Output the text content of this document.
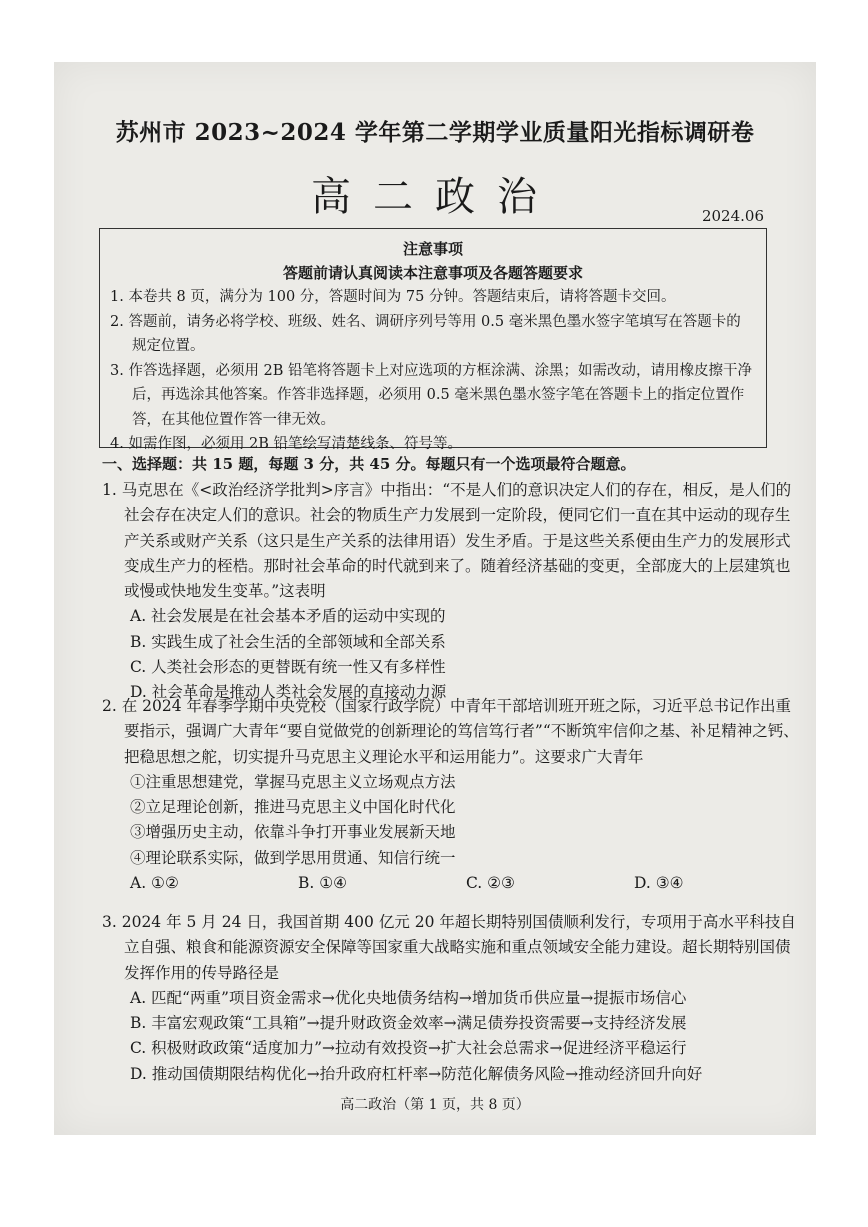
苏州市 2023~2024 学年第二学期学业质量阳光指标调研卷
高二政治	2024.06
注意事项
答题前请认真阅读本注意事项及各题答题要求
1. 本卷共 8 页，满分为 100 分，答题时间为 75 分钟。答题结束后，请将答题卡交回。
2. 答题前，请务必将学校、班级、姓名、调研序列号等用 0.5 毫米黑色墨水签字笔填写在答题卡的规定位置。
3. 作答选择题，必须用 2B 铅笔将答题卡上对应选项的方框涂满、涂黑；如需改动，请用橡皮擦干净后，再选涂其他答案。作答非选择题，必须用 0.5 毫米黑色墨水签字笔在答题卡上的指定位置作答，在其他位置作答一律无效。
4. 如需作图，必须用 2B 铅笔绘写清楚线条、符号等。
一、选择题：共 15 题，每题 3 分，共 45 分。每题只有一个选项最符合题意。

1. 马克思在《<政治经济学批判>序言》中指出：“不是人们的意识决定人们的存在，相反，是人们的社会存在决定人们的意识。社会的物质生产力发展到一定阶段，便同它们一直在其中运动的现存生产关系或财产关系（这只是生产关系的法律用语）发生矛盾。于是这些关系便由生产力的发展形式变成生产力的桎梏。那时社会革命的时代就到来了。随着经济基础的变更，全部庞大的上层建筑也或慢或快地发生变革。”这表明

A. 社会发展是在社会基本矛盾的运动中实现的

B. 实践生成了社会生活的全部领域和全部关系

C. 人类社会形态的更替既有统一性又有多样性

D. 社会革命是推动人类社会发展的直接动力源

2. 在 2024 年春季学期中央党校（国家行政学院）中青年干部培训班开班之际，习近平总书记作出重要指示，强调广大青年“要自觉做党的创新理论的笃信笃行者”“不断筑牢信仰之基、补足精神之钙、把稳思想之舵，切实提升马克思主义理论水平和运用能力”。这要求广大青年

①注重思想建党，掌握马克思主义立场观点方法

②立足理论创新，推进马克思主义中国化时代化

③增强历史主动，依靠斗争打开事业发展新天地

④理论联系实际，做到学思用贯通、知信行统一

A. ①②	B. ①④	C. ②③	D. ③④

3. 2024 年 5 月 24 日，我国首期 400 亿元 20 年超长期特别国债顺利发行，专项用于高水平科技自立自强、粮食和能源资源安全保障等国家重大战略实施和重点领域安全能力建设。超长期特别国债发挥作用的传导路径是

A. 匹配“两重”项目资金需求→优化央地债务结构→增加货币供应量→提振市场信心

B. 丰富宏观政策“工具箱”→提升财政资金效率→满足债券投资需要→支持经济发展

C. 积极财政政策“适度加力”→拉动有效投资→扩大社会总需求→促进经济平稳运行

D. 推动国债期限结构优化→抬升政府杠杆率→防范化解债务风险→推动经济回升向好

高二政治（第 1 页，共 8 页）
